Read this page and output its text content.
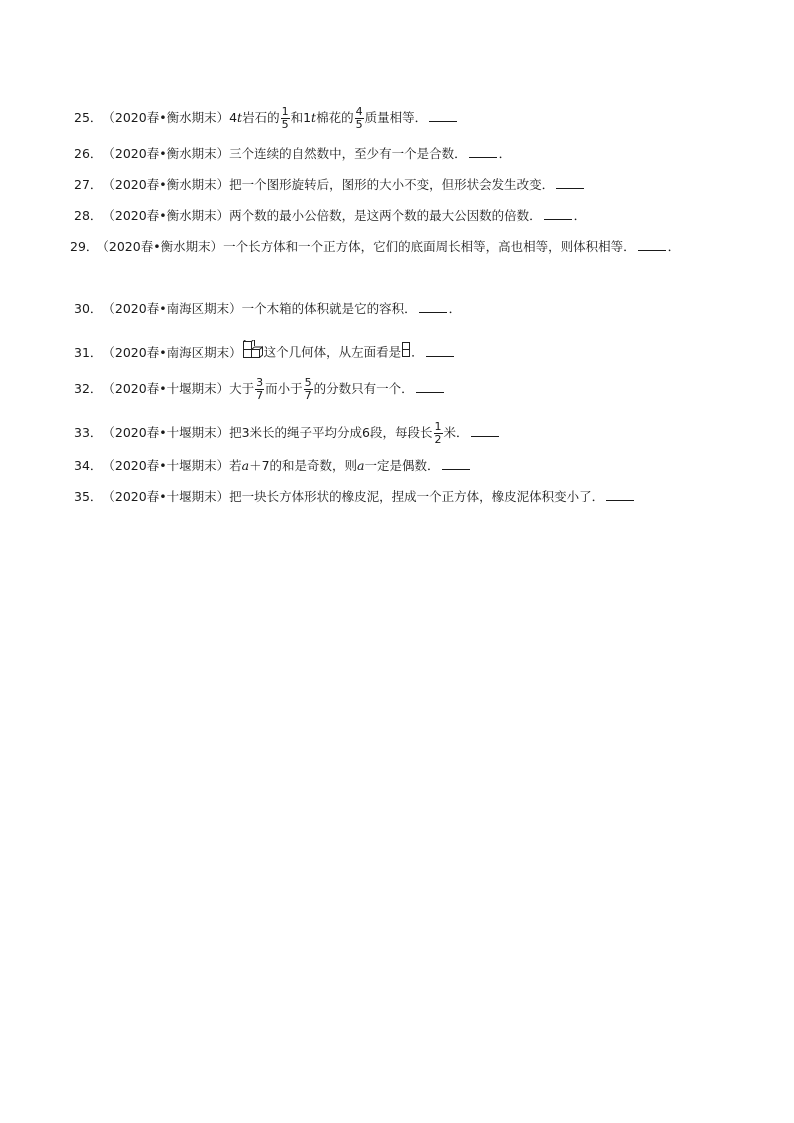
25．（2020春•衡水期末）4t岩石的 $\frac{1}{5}$ 和1t棉花的 $\frac{4}{5}$ 质量相等．
26．（2020春•衡水期末）三个连续的自然数中，至少有一个是合数．	．
27．（2020春•衡水期末）把一个图形旋转后，图形的大小不变，但形状会发生改变．
28．（2020春•衡水期末）两个数的最小公倍数，是这两个数的最大公因数的倍数．	．
29．（2020春•衡水期末）一个长方体和一个正方体，它们的底面周长相等，高也相等，则体积相等．	．
30．（2020春•南海区期末）一个木箱的体积就是它的容积．	．
31．（2020春•南海区期末） 这个几何体，从左面看是 ．
32．（2020春•十堰期末）大于 $\frac{3}{7}$ 而小于 $\frac{5}{7}$ 的分数只有一个．
33．（2020春•十堰期末）把3米长的绳子平均分成6段，每段长 $\frac{1}{2}$ 米．
34．（2020春•十堰期末）若a＋7的和是奇数，则a一定是偶数．
35．（2020春•十堰期末）把一块长方体形状的橡皮泥，捏成一个正方体，橡皮泥体积变小了．
